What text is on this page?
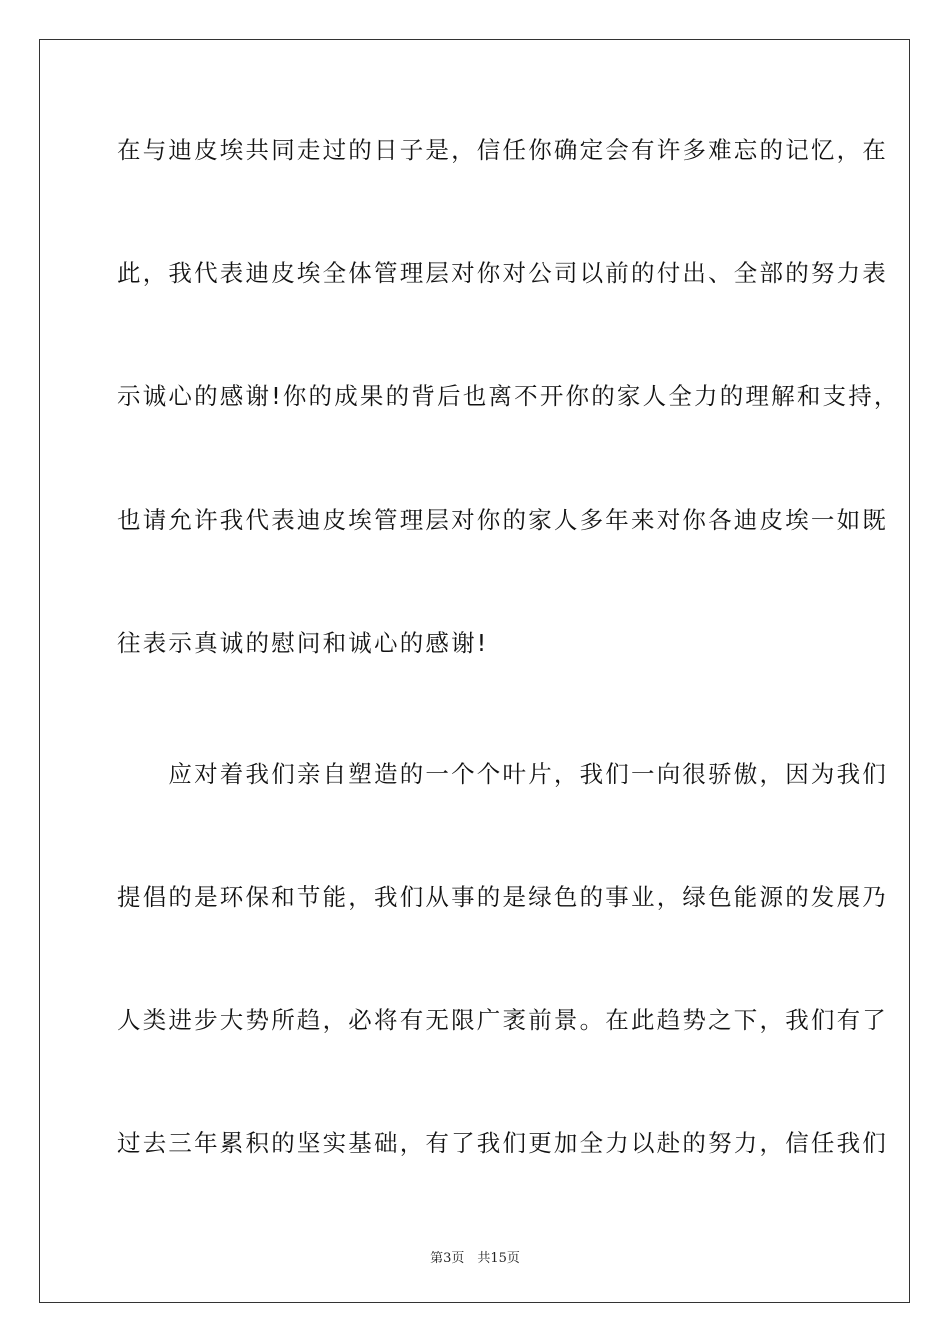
在与迪皮埃共同走过的日子是，信任你确定会有许多难忘的记忆，在
此，我代表迪皮埃全体管理层对你对公司以前的付出、全部的努力表
示诚心的感谢!你的成果的背后也离不开你的家人全力的理解和支持，
也请允许我代表迪皮埃管理层对你的家人多年来对你各迪皮埃一如既
往表示真诚的慰问和诚心的感谢!
　　应对着我们亲自塑造的一个个叶片，我们一向很骄傲，因为我们
提倡的是环保和节能，我们从事的是绿色的事业，绿色能源的发展乃
人类进步大势所趋，必将有无限广袤前景。在此趋势之下，我们有了
过去三年累积的坚实基础，有了我们更加全力以赴的努力，信任我们
第3页　共15页
